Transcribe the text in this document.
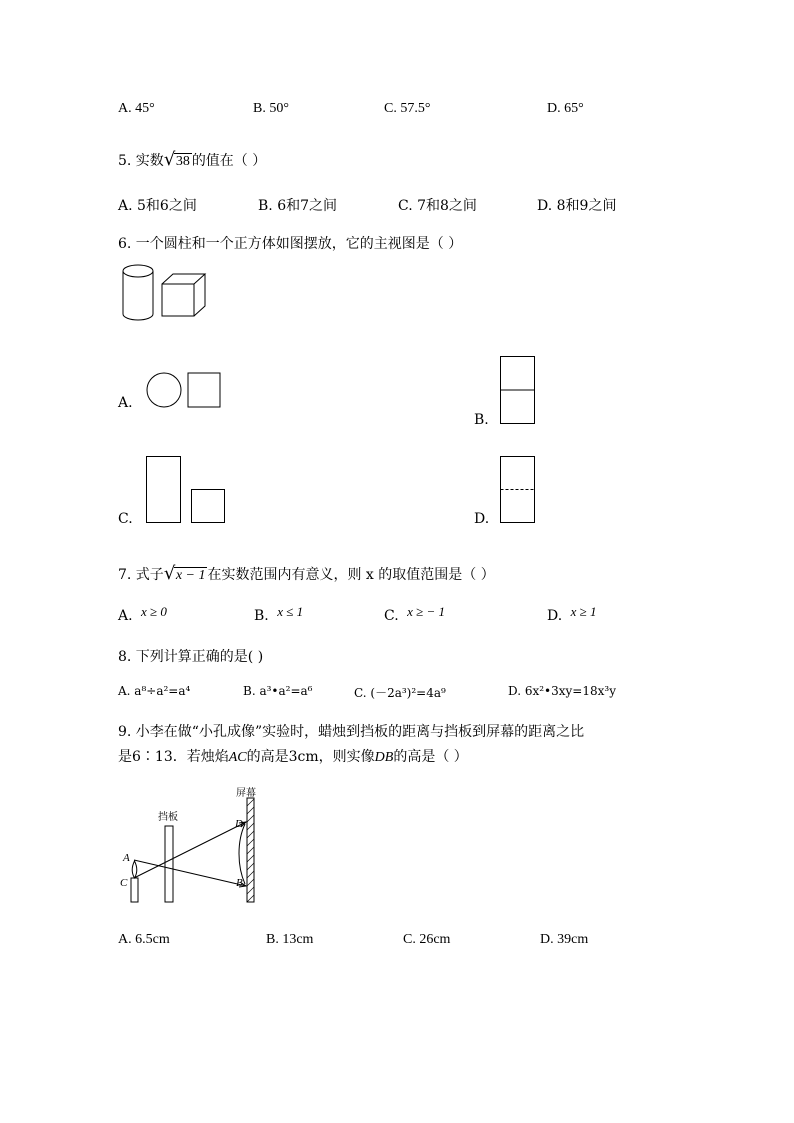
A. 45°	B. 50°	C. 57.5°	D. 65°
5. 实数 √ 38 的值在（ ）
A. 5和6之间	B. 6和7之间	C. 7和8之间	D. 8和9之间
6. 一个圆柱和一个正方体如图摆放，它的主视图是（ ）
A.
B.
C.	D.
7. 式子 √ x − 1 在实数范围内有意义，则 x 的取值范围是（ ）
A. x ≥ 0	B. x ≤ 1	C. x ≥ − 1	D. x ≥ 1
8. 下列计算正确的是( )
A. a⁸÷a²=a⁴	B. a³•a²=a⁶	C. (－2a³)²=4a⁹	D. 6x²•3xy=18x³y
9. 小李在做“小孔成像”实验时，蜡烛到挡板的距离与挡板到屏幕的距离之比
是6∶13．若烛焰AC的高是3cm，则实像DB的高是（ ）
屏幕
挡板
A
C
D
B
A. 6.5cm	B. 13cm	C. 26cm	D. 39cm
